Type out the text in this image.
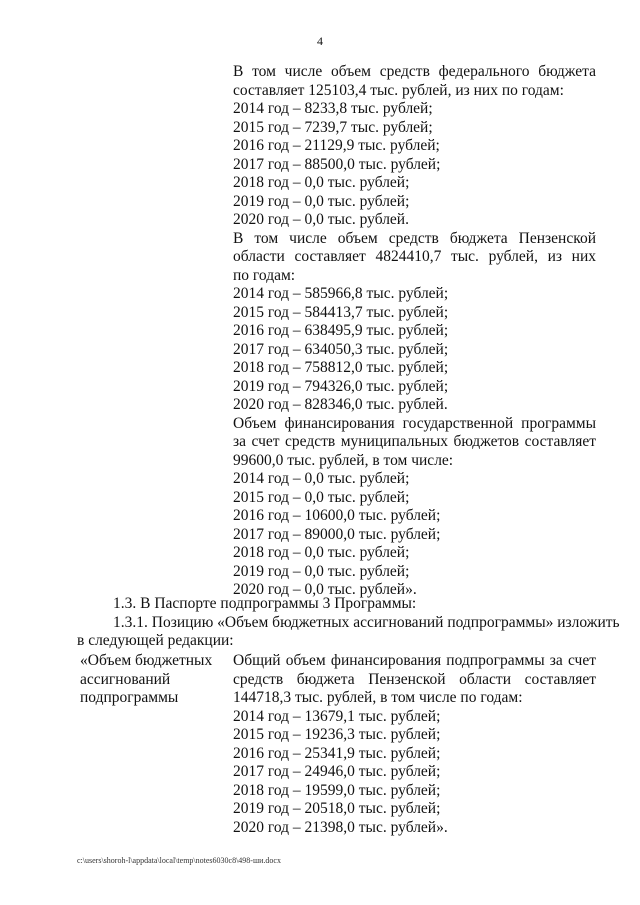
4
В том числе объем средств федерального бюджета
составляет 125103,4 тыс. рублей, из них по годам:
2014 год – 8233,8 тыс. рублей;
2015 год – 7239,7 тыс. рублей;
2016 год – 21129,9 тыс. рублей;
2017 год – 88500,0 тыс. рублей;
2018 год – 0,0 тыс. рублей;
2019 год – 0,0 тыс. рублей;
2020 год – 0,0 тыс. рублей.
В том числе объем средств бюджета Пензенской
области составляет 4824410,7 тыс. рублей, из них
по годам:
2014 год – 585966,8 тыс. рублей;
2015 год – 584413,7 тыс. рублей;
2016 год – 638495,9 тыс. рублей;
2017 год – 634050,3 тыс. рублей;
2018 год – 758812,0 тыс. рублей;
2019 год – 794326,0 тыс. рублей;
2020 год – 828346,0 тыс. рублей.
Объем финансирования государственной программы
за счет средств муниципальных бюджетов составляет
99600,0 тыс. рублей, в том числе:
2014 год – 0,0 тыс. рублей;
2015 год – 0,0 тыс. рублей;
2016 год – 10600,0 тыс. рублей;
2017 год – 89000,0 тыс. рублей;
2018 год – 0,0 тыс. рублей;
2019 год – 0,0 тыс. рублей;
2020 год – 0,0 тыс. рублей».
1.3. В Паспорте подпрограммы 3 Программы:
1.3.1. Позицию «Объем бюджетных ассигнований подпрограммы» изложить
в следующей редакции:
«Объем бюджетных
ассигнований
подпрограммы
Общий объем финансирования подпрограммы за счет
средств бюджета Пензенской области составляет
144718,3 тыс. рублей, в том числе по годам:
2014 год – 13679,1 тыс. рублей;
2015 год – 19236,3 тыс. рублей;
2016 год – 25341,9 тыс. рублей;
2017 год – 24946,0 тыс. рублей;
2018 год – 19599,0 тыс. рублей;
2019 год – 20518,0 тыс. рублей;
2020 год – 21398,0 тыс. рублей».
c:\users\shoroh-l\appdata\local\temp\notes6030c8\498-ши.docx
